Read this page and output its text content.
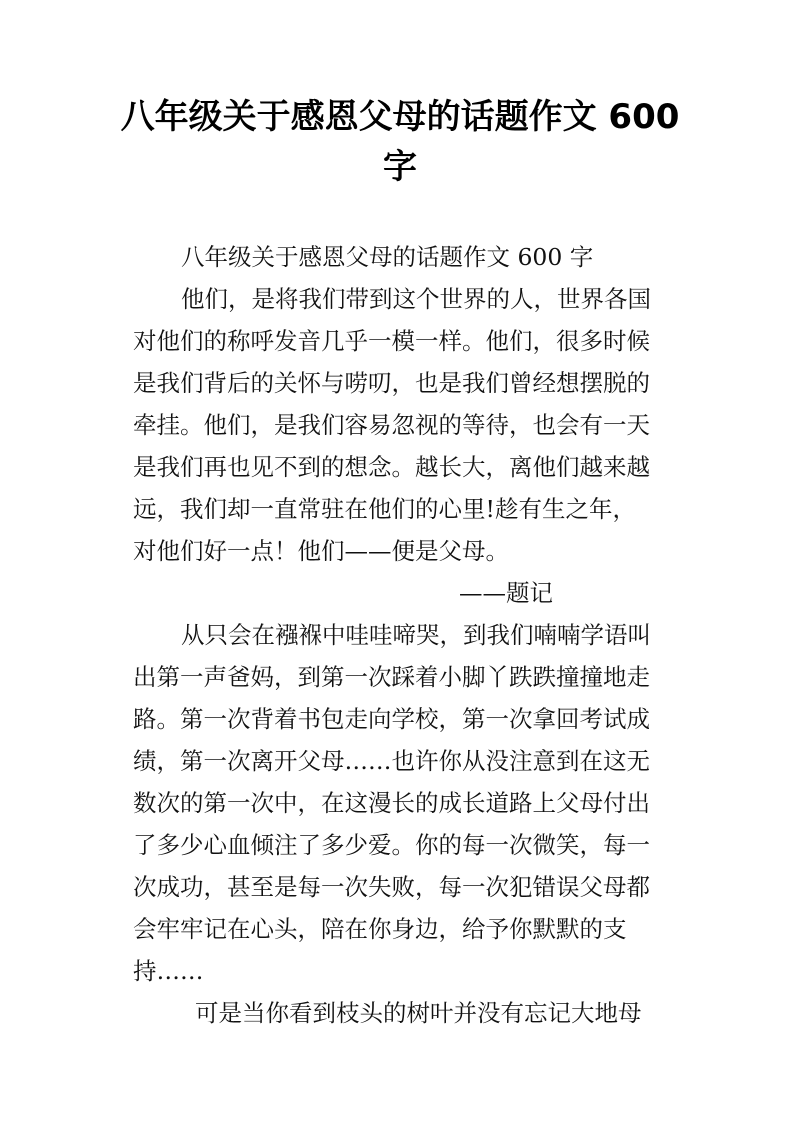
八年级关于感恩父母的话题作文 600 字
八年级关于感恩父母的话题作文 600 字
他们，是将我们带到这个世界的人，世界各国
对他们的称呼发音几乎一模一样。他们，很多时候
是我们背后的关怀与唠叨，也是我们曾经想摆脱的
牵挂。他们，是我们容易忽视的等待，也会有一天
是我们再也见不到的想念。越长大，离他们越来越
远，我们却一直常驻在他们的心里!趁有生之年，
对他们好一点！他们——便是父母。
——题记
从只会在襁褓中哇哇啼哭，到我们喃喃学语叫
出第一声爸妈，到第一次踩着小脚丫跌跌撞撞地走
路。第一次背着书包走向学校，第一次拿回考试成
绩，第一次离开父母……也许你从没注意到在这无
数次的第一次中，在这漫长的成长道路上父母付出
了多少心血倾注了多少爱。你的每一次微笑，每一
次成功，甚至是每一次失败，每一次犯错误父母都
会牢牢记在心头，陪在你身边，给予你默默的支
持……
可是当你看到枝头的树叶并没有忘记大地母
